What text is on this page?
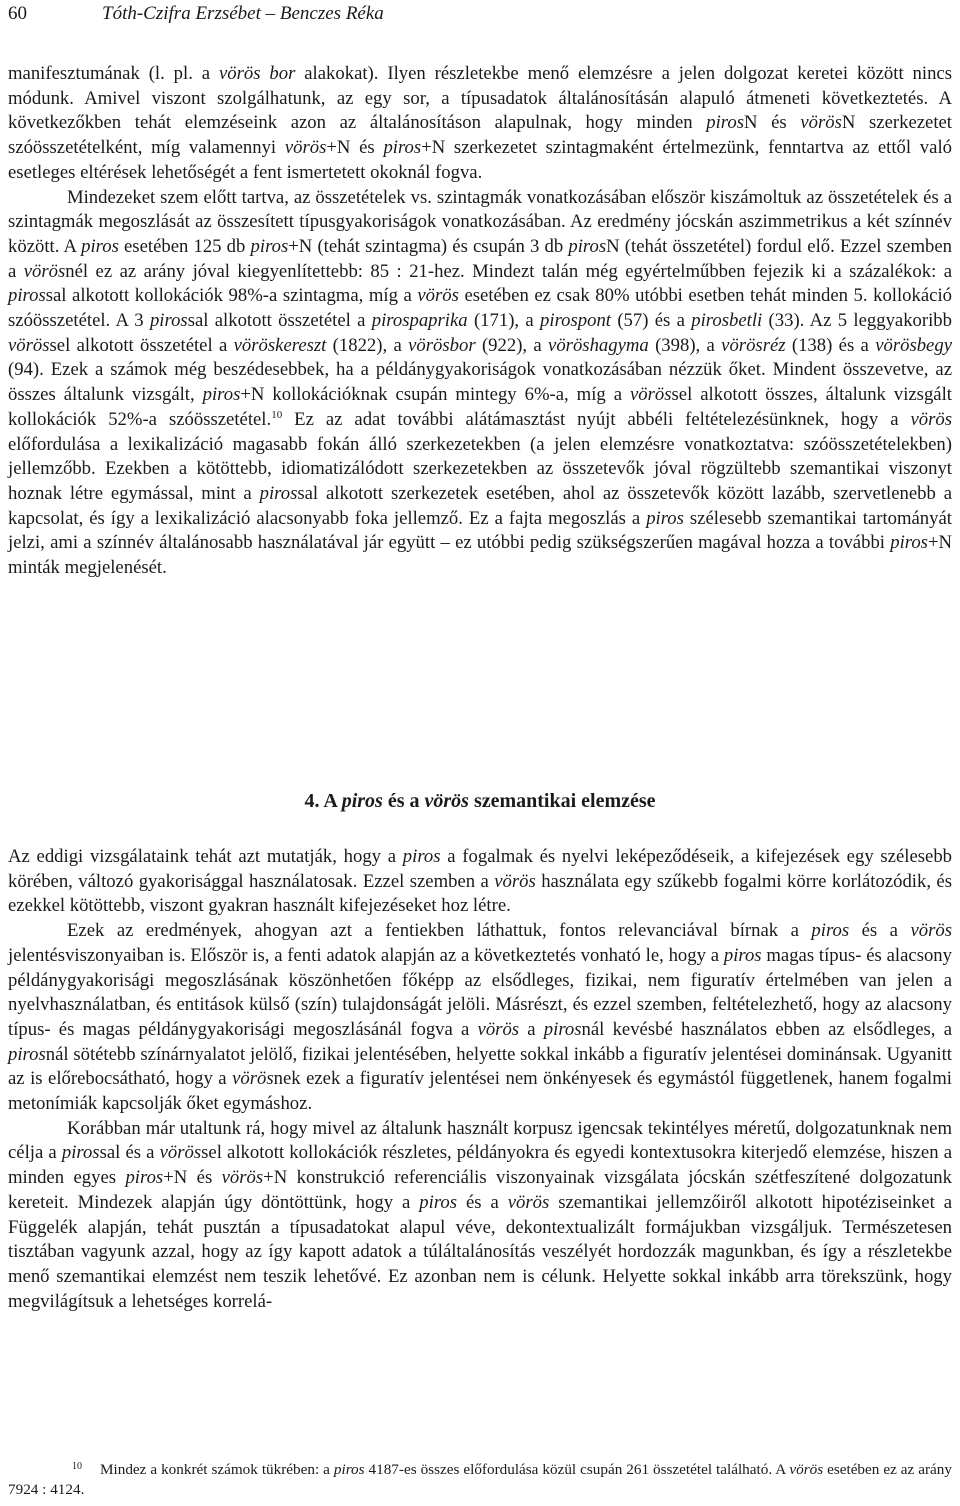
60	Tóth-Czifra Erzsébet – Benczes Réka

manifesztumának (l. pl. a vörös bor alakokat). Ilyen részletekbe menő elemzésre a jelen dolgozat keretei között nincs módunk. Amivel viszont szolgálhatunk, az egy sor, a típusadatok általánosításán alapuló átmeneti következtetés. A következőkben tehát elemzéseink azon az általánosításon alapulnak, hogy minden pirosN és vörösN szerkezetet szóösszetételként, míg valamennyi vörös+N és piros+N szerkezetet szintagmaként értelmezünk, fenntartva az ettől való esetleges eltérések lehetőségét a fent ismertetett okoknál fogva.

Mindezeket szem előtt tartva, az összetételek vs. szintagmák vonatkozásában először kiszámoltuk az összetételek és a szintagmák megoszlását az összesített típusgyakoriságok vonatkozásában. Az eredmény jócskán aszimmetrikus a két színnév között. A piros esetében 125 db piros+N (tehát szintagma) és csupán 3 db pirosN (tehát összetétel) fordul elő. Ezzel szemben a vörösnél ez az arány jóval kiegyenlítettebb: 85 : 21-hez. Mindezt talán még egyértelműbben fejezik ki a százalékok: a pirossal alkotott kollokációk 98%-a szintagma, míg a vörös esetében ez csak 80% utóbbi esetben tehát minden 5. kollokáció szóösszetétel. A 3 pirossal alkotott összetétel a pirospaprika (171), a pirospont (57) és a pirosbetli (33). Az 5 leggyakoribb vörössel alkotott összetétel a vöröskereszt (1822), a vörösbor (922), a vöröshagyma (398), a vörösréz (138) és a vörösbegy (94). Ezek a számok még beszédesebbek, ha a példánygyakoriságok vonatkozásában nézzük őket. Mindent összevetve, az összes általunk vizsgált, piros+N kollokációknak csupán mintegy 6%-a, míg a vörössel alkotott összes, általunk vizsgált kollokációk 52%-a szóösszetétel.$^{10}$ Ez az adat további alátámasztást nyújt abbéli feltételezésünknek, hogy a vörös előfordulása a lexikalizáció magasabb fokán álló szerkezetekben (a jelen elemzésre vonatkoztatva: szóösszetételekben) jellemzőbb. Ezekben a kötöttebb, idiomatizálódott szerkezetekben az összetevők jóval rögzültebb szemantikai viszonyt hoznak létre egymással, mint a pirossal alkotott szerkezetek esetében, ahol az összetevők között lazább, szervetlenebb a kapcsolat, és így a lexikalizáció alacsonyabb foka jellemző. Ez a fajta megoszlás a piros szélesebb szemantikai tartományát jelzi, ami a színnév általánosabb használatával jár együtt – ez utóbbi pedig szükségszerűen magával hozza a további piros+N minták megjelenését.

4. A piros és a vörös szemantikai elemzése

Az eddigi vizsgálataink tehát azt mutatják, hogy a piros a fogalmak és nyelvi leképeződéseik, a kifejezések egy szélesebb körében, változó gyakorisággal használatosak. Ezzel szemben a vörös használata egy szűkebb fogalmi körre korlátozódik, és ezekkel kötöttebb, viszont gyakran használt kifejezéseket hoz létre.

Ezek az eredmények, ahogyan azt a fentiekben láthattuk, fontos relevanciával bírnak a piros és a vörös jelentésviszonyaiban is. Először is, a fenti adatok alapján az a következtetés vonható le, hogy a piros magas típus- és alacsony példánygyakorisági megoszlásának köszönhetően főképp az elsődleges, fizikai, nem figuratív értelmében van jelen a nyelvhasználatban, és entitások külső (szín) tulajdonságát jelöli. Másrészt, és ezzel szemben, feltételezhető, hogy az alacsony típus- és magas példánygyakorisági megoszlásánál fogva a vörös a pirosnál kevésbé használatos ebben az elsődleges, a pirosnál sötétebb színárnyalatot jelölő, fizikai jelentésében, helyette sokkal inkább a figuratív jelentései dominánsak. Ugyanitt az is előrebocsátható, hogy a vörösnek ezek a figuratív jelentései nem önkényesek és egymástól függetlenek, hanem fogalmi metonímiák kapcsolják őket egymáshoz.

Korábban már utaltunk rá, hogy mivel az általunk használt korpusz igencsak tekintélyes méretű, dolgozatunknak nem célja a pirossal és a vörössel alkotott kollokációk részletes, példányokra és egyedi kontextusokra kiterjedő elemzése, hiszen a minden egyes piros+N és vörös+N konstrukció referenciális viszonyainak vizsgálata jócskán szétfeszítené dolgozatunk kereteit. Mindezek alapján úgy döntöttünk, hogy a piros és a vörös szemantikai jellemzőiről alkotott hipotéziseinket a Függelék alapján, tehát pusztán a típusadatokat alapul véve, dekontextualizált formájukban vizsgáljuk. Természetesen tisztában vagyunk azzal, hogy az így kapott adatok a túláltalánosítás veszélyét hordozzák magunkban, és így a részletekbe menő szemantikai elemzést nem teszik lehetővé. Ez azonban nem is célunk. Helyette sokkal inkább arra törekszünk, hogy megvilágítsuk a lehetséges korrelá-

10 Mindez a konkrét számok tükrében: a piros 4187-es összes előfordulása közül csupán 261 összetétel található. A vörös esetében ez az arány 7924 : 4124.
